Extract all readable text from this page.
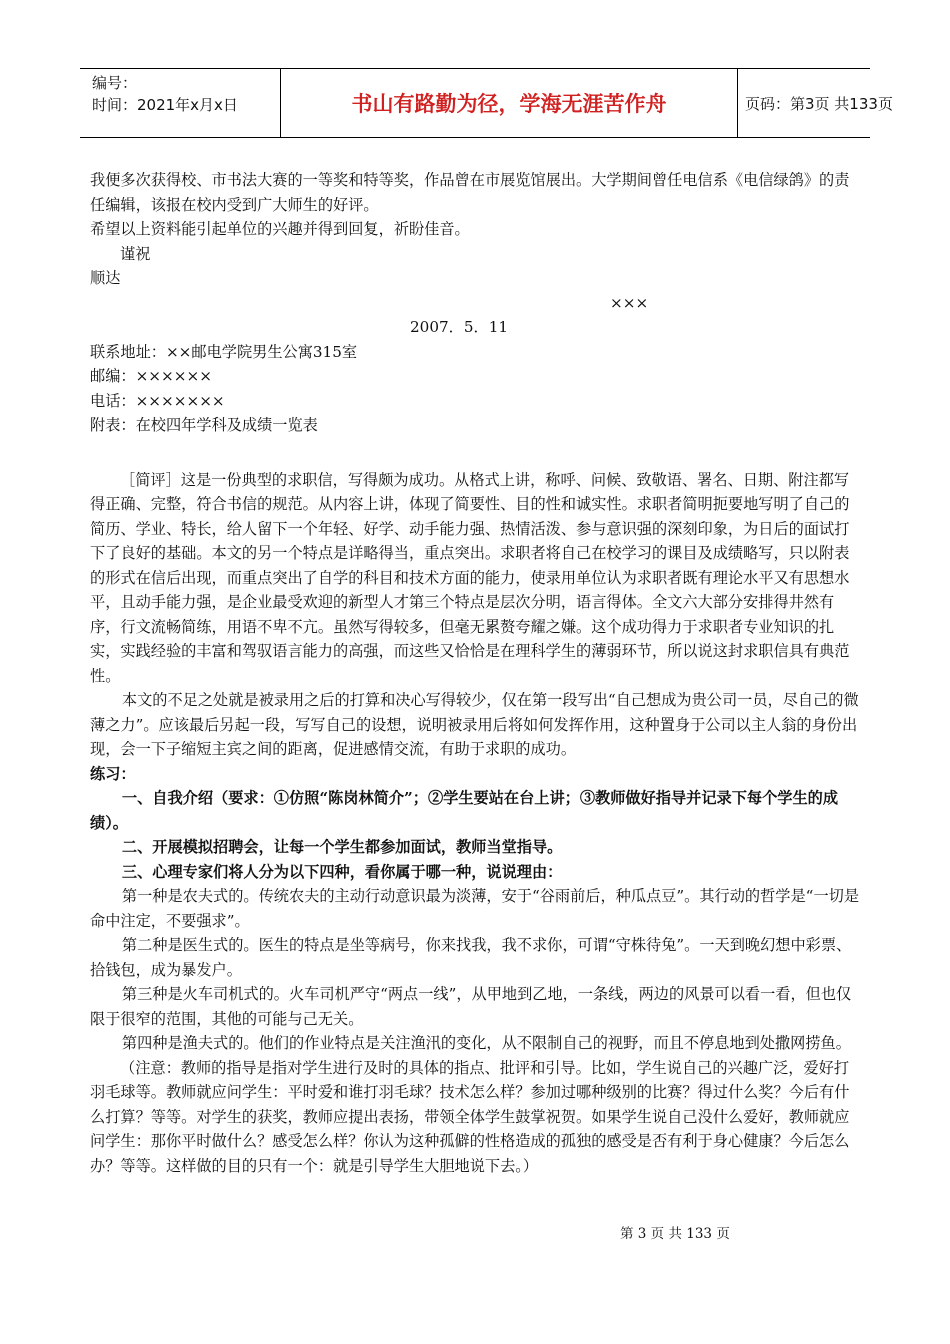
编号：
时间：2021年x月x日	书山有路勤为径，学海无涯苦作舟	页码：第3页 共133页

我便多次获得校、市书法大赛的一等奖和特等奖，作品曾在市展览馆展出。大学期间曾任电信系《电信绿鸽》的责任编辑，该报在校内受到广大师生的好评。

希望以上资料能引起单位的兴趣并得到回复，祈盼佳音。

谨祝

顺达

×××

2007．5．11

联系地址：××邮电学院男生公寓315室

邮编：××××××

电话：×××××××

附表：在校四年学科及成绩一览表

［简评］这是一份典型的求职信，写得颇为成功。从格式上讲，称呼、问候、致敬语、署名、日期、附注都写得正确、完整，符合书信的规范。从内容上讲，体现了简要性、目的性和诚实性。求职者简明扼要地写明了自己的简历、学业、特长，给人留下一个年轻、好学、动手能力强、热情活泼、参与意识强的深刻印象，为日后的面试打下了良好的基础。本文的另一个特点是详略得当，重点突出。求职者将自己在校学习的课目及成绩略写，只以附表的形式在信后出现，而重点突出了自学的科目和技术方面的能力，使录用单位认为求职者既有理论水平又有思想水平，且动手能力强，是企业最受欢迎的新型人才第三个特点是层次分明，语言得体。全文六大部分安排得井然有序，行文流畅简练，用语不卑不亢。虽然写得较多，但毫无累赘夸耀之嫌。这个成功得力于求职者专业知识的扎实，实践经验的丰富和驾驭语言能力的高强，而这些又恰恰是在理科学生的薄弱环节，所以说这封求职信具有典范性。

本文的不足之处就是被录用之后的打算和决心写得较少，仅在第一段写出“自己想成为贵公司一员，尽自己的微薄之力”。应该最后另起一段，写写自己的设想，说明被录用后将如何发挥作用，这种置身于公司以主人翁的身份出现，会一下子缩短主宾之间的距离，促进感情交流，有助于求职的成功。

练习：

一、自我介绍（要求：①仿照“陈岗林简介”；②学生要站在台上讲；③教师做好指导并记录下每个学生的成绩）。

二、开展模拟招聘会，让每一个学生都参加面试，教师当堂指导。

三、心理专家们将人分为以下四种，看你属于哪一种，说说理由：

第一种是农夫式的。传统农夫的主动行动意识最为淡薄，安于“谷雨前后，种瓜点豆”。其行动的哲学是“一切是命中注定，不要强求”。

第二种是医生式的。医生的特点是坐等病号，你来找我，我不求你，可谓“守株待兔”。一天到晚幻想中彩票、拾钱包，成为暴发户。

第三种是火车司机式的。火车司机严守“两点一线”，从甲地到乙地，一条线，两边的风景可以看一看，但也仅限于很窄的范围，其他的可能与己无关。

第四种是渔夫式的。他们的作业特点是关注渔汛的变化，从不限制自己的视野，而且不停息地到处撒网捞鱼。

（注意：教师的指导是指对学生进行及时的具体的指点、批评和引导。比如，学生说自己的兴趣广泛，爱好打羽毛球等。教师就应问学生：平时爱和谁打羽毛球？技术怎么样？参加过哪种级别的比赛？得过什么奖？今后有什么打算？等等。对学生的获奖，教师应提出表扬，带领全体学生鼓掌祝贺。如果学生说自己没什么爱好，教师就应问学生：那你平时做什么？感受怎么样？你认为这种孤僻的性格造成的孤独的感受是否有利于身心健康？今后怎么办？等等。这样做的目的只有一个：就是引导学生大胆地说下去。）

第 3 页 共 133 页
